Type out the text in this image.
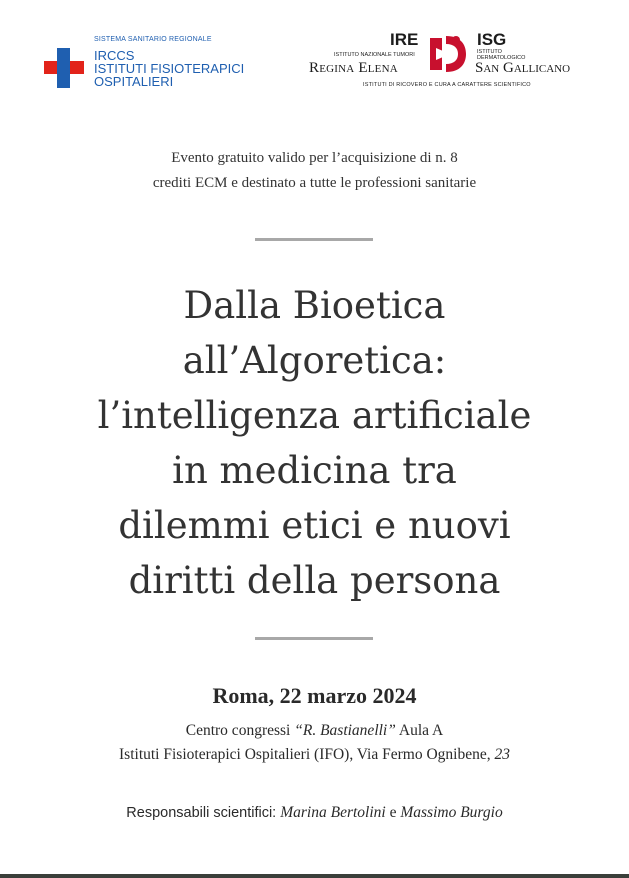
SISTEMA SANITARIO REGIONALE
IRCCS
ISTITUTI FISIOTERAPICI
OSPITALIERI
IRE	ISG
ISTITUTO NAZIONALE TUMORI	ISTITUTO DERMATOLOGICO
Regina Elena	San Gallicano
ISTITUTI DI RICOVERO E CURA A CARATTERE SCIENTIFICO
Evento gratuito valido per l’acquisizione di n. 8
crediti ECM e destinato a tutte le professioni sanitarie
Dalla Bioetica
all’Algoretica:
l’intelligenza artificiale
in medicina tra
dilemmi etici e nuovi
diritti della persona
Roma, 22 marzo 2024
Centro congressi “R. Bastianelli” Aula A
Istituti Fisioterapici Ospitalieri (IFO), Via Fermo Ognibene, 23
Responsabili scientifici: Marina Bertolini e Massimo Burgio
